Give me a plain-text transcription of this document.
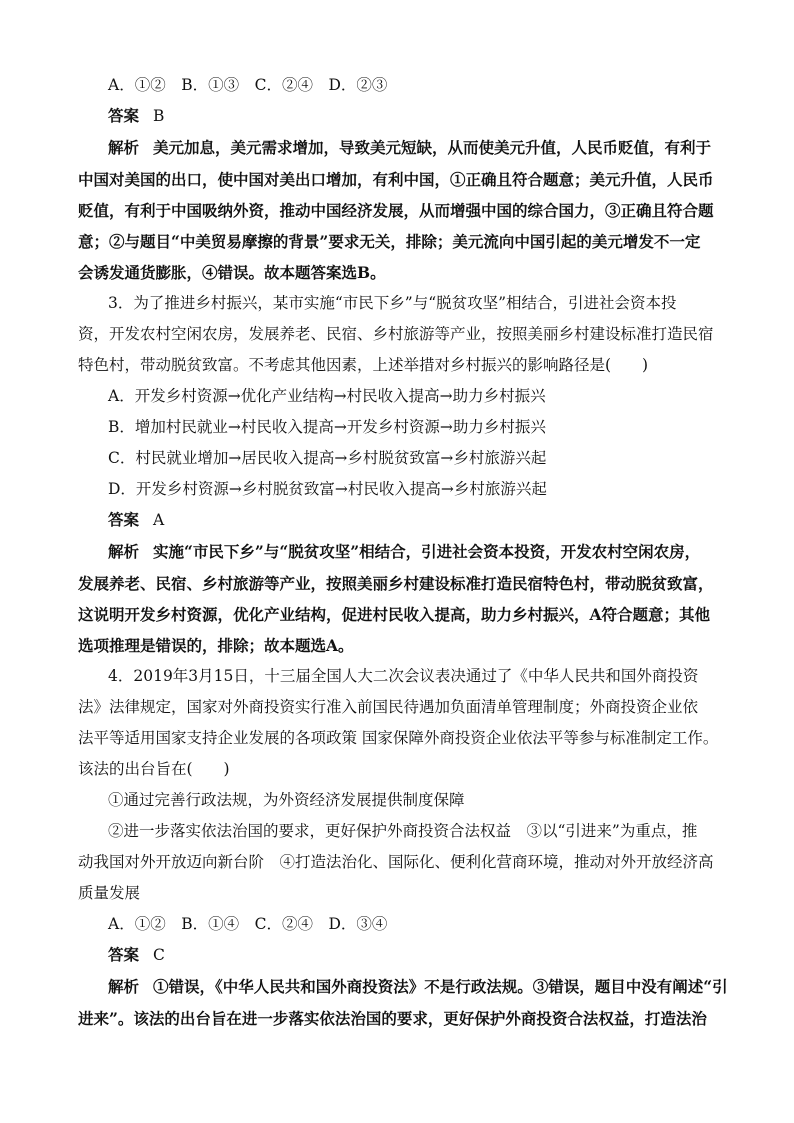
A．①②　B．①③　C．②④　D．②③
答案 B
解析 美元加息，美元需求增加，导致美元短缺，从而使美元升值，人民币贬值，有利于
中国对美国的出口，使中国对美出口增加，有利中国，①正确且符合题意；美元升值，人民币
贬值，有利于中国吸纳外资，推动中国经济发展，从而增强中国的综合国力，③正确且符合题
意；②与题目“中美贸易摩擦的背景”要求无关，排除；美元流向中国引起的美元增发不一定
会诱发通货膨胀，④错误。故本题答案选B。
3．为了推进乡村振兴，某市实施“市民下乡”与“脱贫攻坚”相结合，引进社会资本投
资，开发农村空闲农房，发展养老、民宿、乡村旅游等产业，按照美丽乡村建设标准打造民宿
特色村，带动脱贫致富。不考虑其他因素，上述举措对乡村振兴的影响路径是(　　)
A．开发乡村资源→优化产业结构→村民收入提高→助力乡村振兴
B．增加村民就业→村民收入提高→开发乡村资源→助力乡村振兴
C．村民就业增加→居民收入提高→乡村脱贫致富→乡村旅游兴起
D．开发乡村资源→乡村脱贫致富→村民收入提高→乡村旅游兴起
答案 A
解析 实施“市民下乡”与“脱贫攻坚”相结合，引进社会资本投资，开发农村空闲农房，
发展养老、民宿、乡村旅游等产业，按照美丽乡村建设标准打造民宿特色村，带动脱贫致富，
这说明开发乡村资源，优化产业结构，促进村民收入提高，助力乡村振兴，A符合题意；其他
选项推理是错误的，排除；故本题选A。
4．2019年3月15日，十三届全国人大二次会议表决通过了《中华人民共和国外商投资
法》法律规定，国家对外商投资实行准入前国民待遇加负面清单管理制度；外商投资企业依
法平等适用国家支持企业发展的各项政策 国家保障外商投资企业依法平等参与标准制定工作。
该法的出台旨在(　　)
①通过完善行政法规，为外资经济发展提供制度保障
②进一步落实依法治国的要求，更好保护外商投资合法权益　③以“引进来”为重点，推
动我国对外开放迈向新台阶　④打造法治化、国际化、便利化营商环境，推动对外开放经济高
质量发展
A．①②　B．①④　C．②④　D．③④
答案 C
解析 ①错误，《中华人民共和国外商投资法》不是行政法规。③错误，题目中没有阐述“引
进来”。该法的出台旨在进一步落实依法治国的要求，更好保护外商投资合法权益，打造法治
